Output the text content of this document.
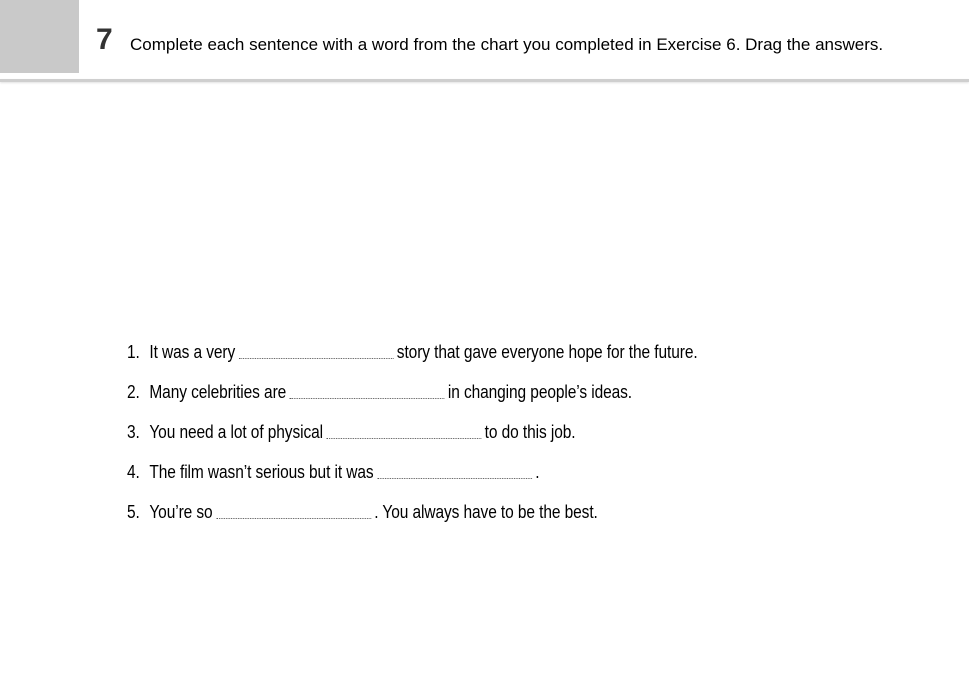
7 Complete each sentence with a word from the chart you completed in Exercise 6. Drag the answers.
1. It was a very	story that gave everyone hope for the future.
2. Many celebrities are	in changing people’s ideas.
3. You need a lot of physical	to do this job.
4. The film wasn’t serious but it was	.
5. You’re so	. You always have to be the best.
